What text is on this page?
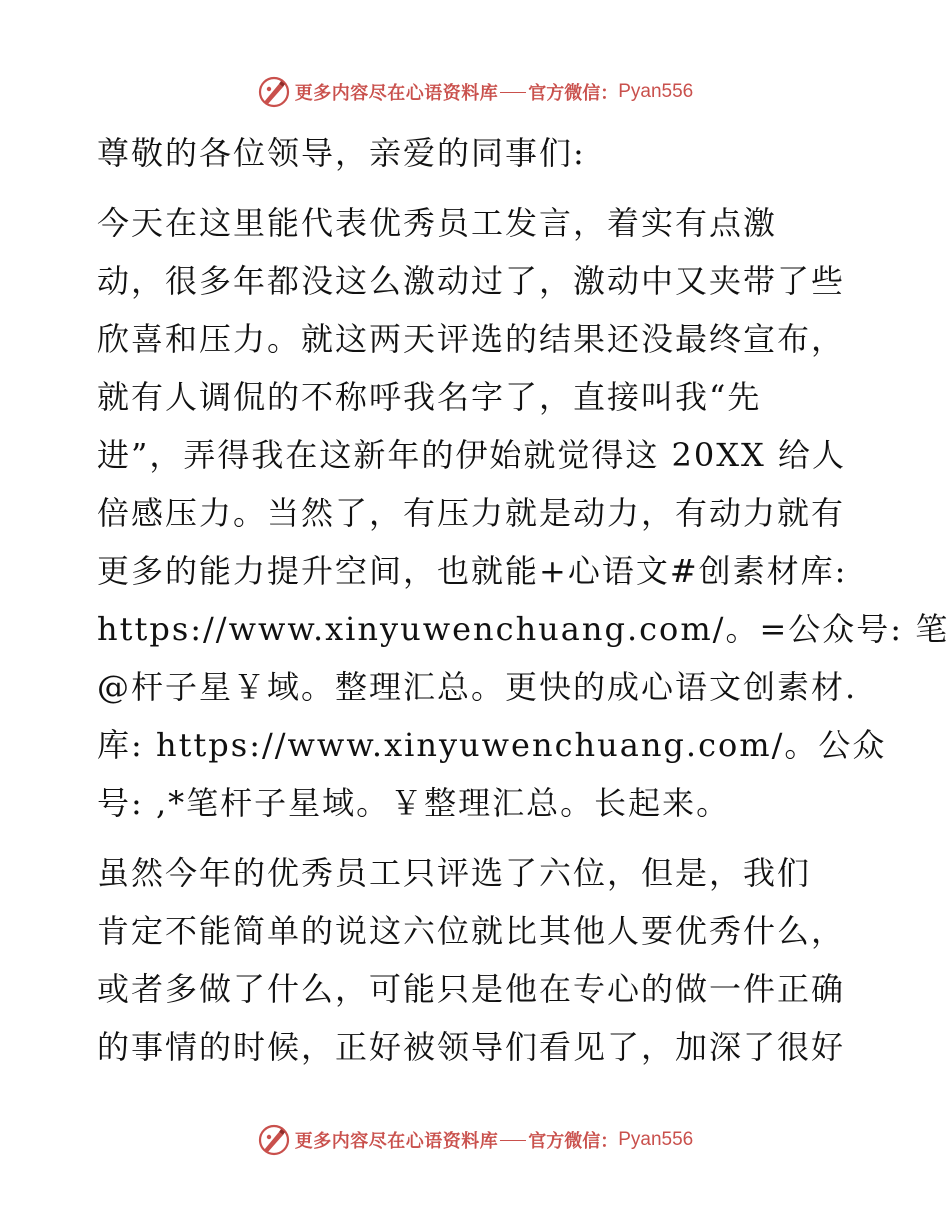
更多内容尽在心语资料库 官方微信： Pyan556
尊敬的各位领导，亲爱的同事们:
今天在这里能代表优秀员工发言，着实有点激
动，很多年都没这么激动过了，激动中又夹带了些
欣喜和压力。就这两天评选的结果还没最终宣布，
就有人调侃的不称呼我名字了，直接叫我“先
进”，弄得我在这新年的伊始就觉得这 20XX 给人
倍感压力。当然了，有压力就是动力，有动力就有
更多的能力提升空间，也就能+心语文#创素材库:
https://www.xinyuwenchuang.com/。=公众号: 笔
@杆子星￥域。整理汇总。更快的成心语文创素材.
库: https://www.xinyuwenchuang.com/。公众
号: ,*笔杆子星域。￥整理汇总。长起来。
虽然今年的优秀员工只评选了六位，但是，我们
肯定不能简单的说这六位就比其他人要优秀什么，
或者多做了什么，可能只是他在专心的做一件正确
的事情的时候，正好被领导们看见了，加深了很好
更多内容尽在心语资料库 官方微信： Pyan556
